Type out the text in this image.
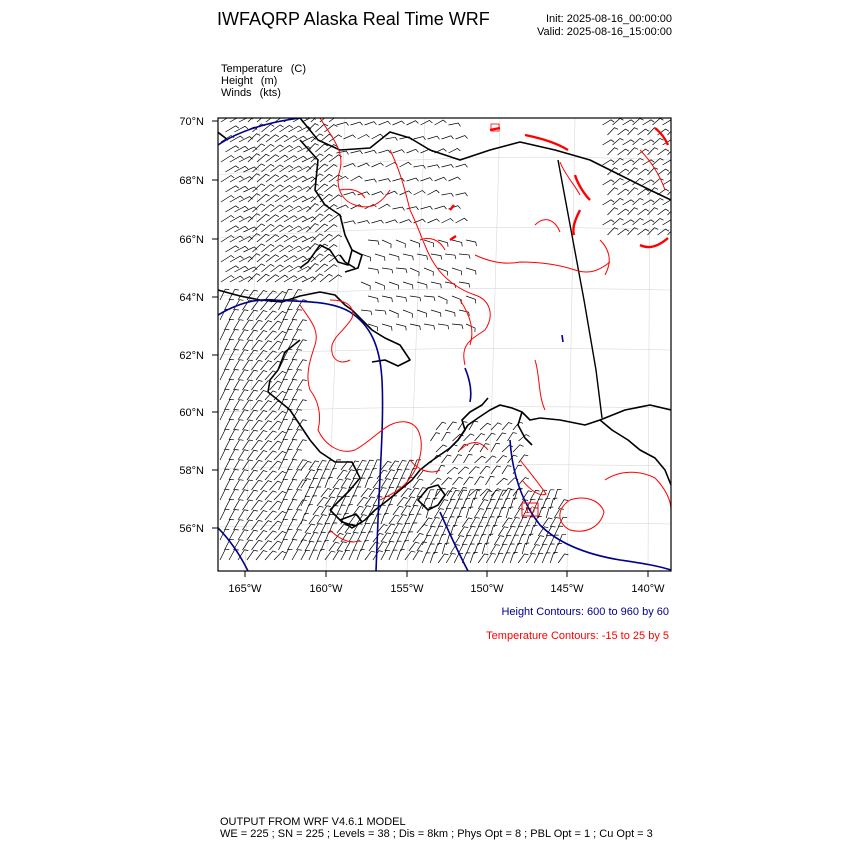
IWFAQRP Alaska Real Time WRF	Init: 2025-08-16_00:00:00
Valid: 2025-08-16_15:00:00
Temperature (C)
Height (m)
Winds (kts)
10
70°N
68°N
66°N
64°N
62°N
60°N
58°N
56°N
165°W	160°W	155°W	150°W	145°W	140°W
Height Contours: 600 to 960 by 60
Temperature Contours: -15 to 25 by 5
OUTPUT FROM WRF V4.6.1 MODEL
WE = 225 ; SN = 225 ; Levels = 38 ; Dis = 8km ; Phys Opt = 8 ; PBL Opt = 1 ; Cu Opt = 3
